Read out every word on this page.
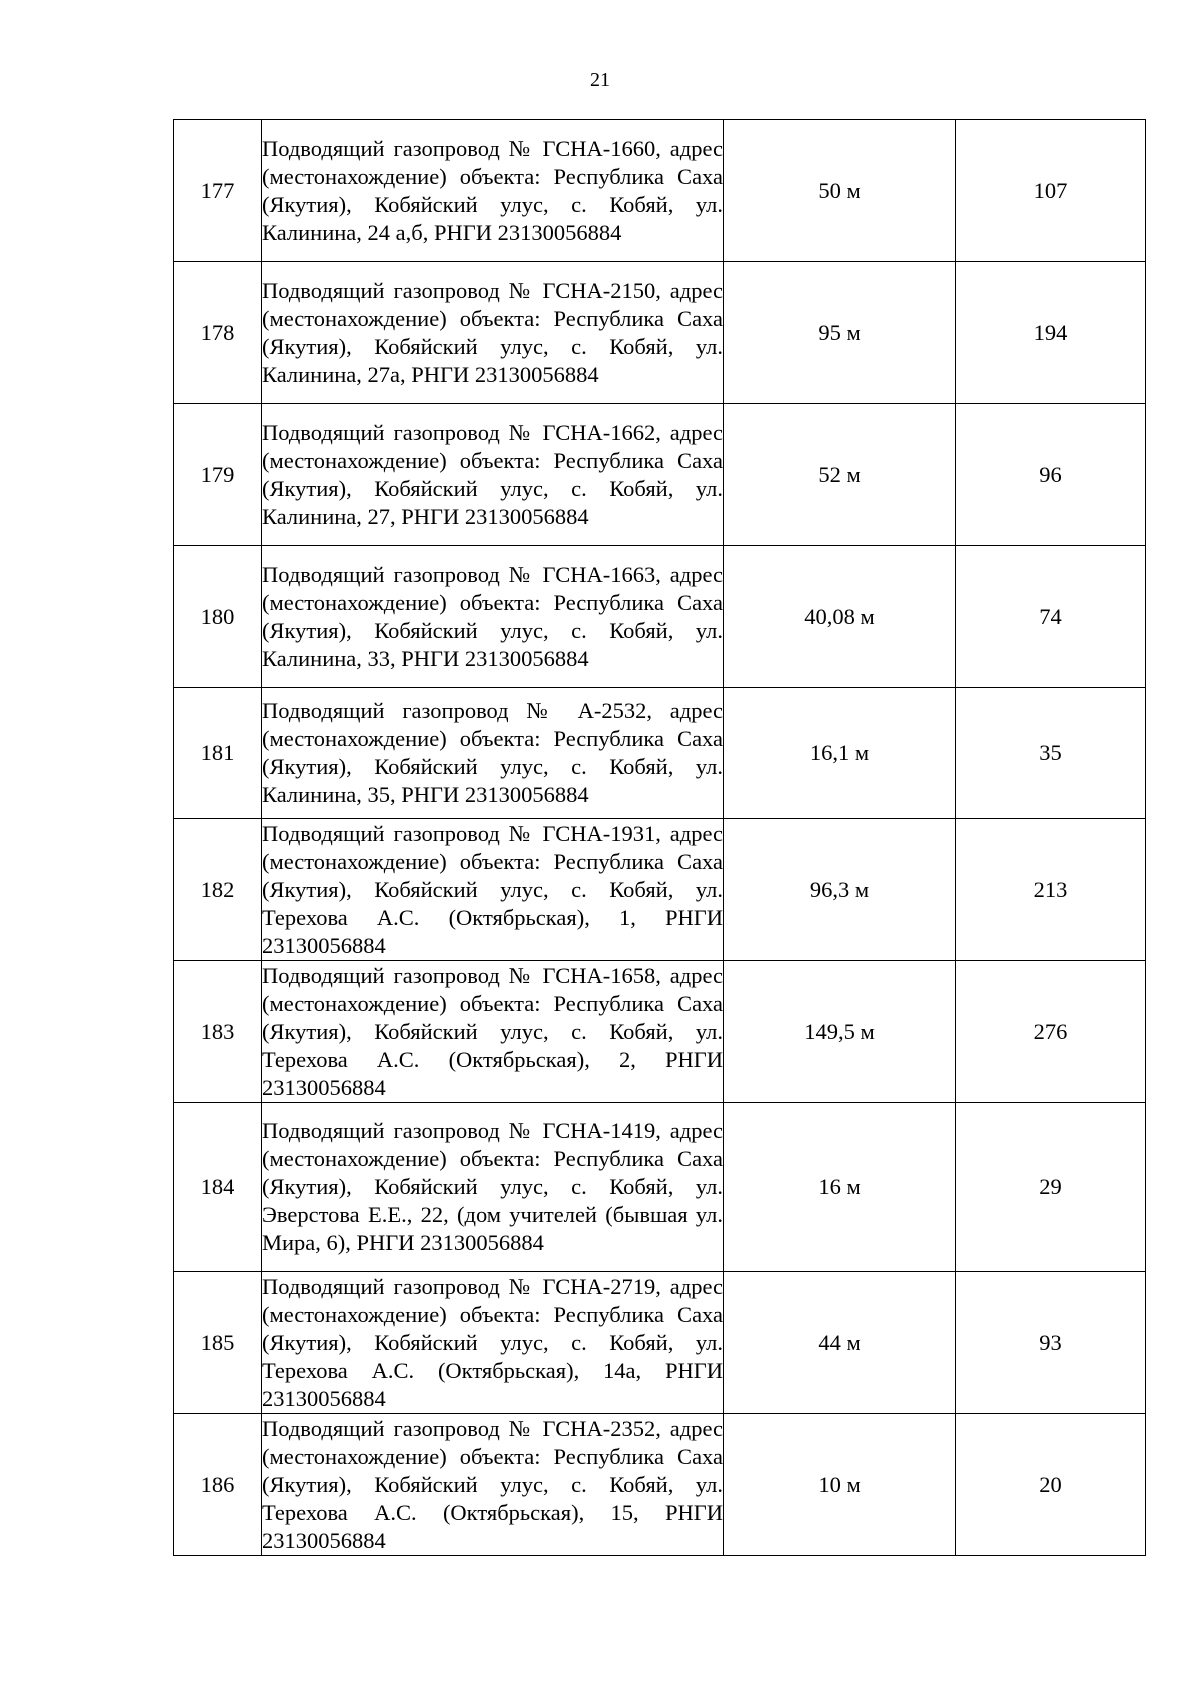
21
177	Подводящий газопровод № ГСНА-1660, адрес (местонахождение) объекта: Республика Саха (Якутия), Кобяйский улус, с. Кобяй, ул. Калинина, 24 а,б, РНГИ 23130056884	50 м	107
178	Подводящий газопровод № ГСНА-2150, адрес (местонахождение) объекта: Республика Саха (Якутия), Кобяйский улус, с. Кобяй, ул. Калинина, 27а, РНГИ 23130056884	95 м	194
179	Подводящий газопровод № ГСНА-1662, адрес (местонахождение) объекта: Республика Саха (Якутия), Кобяйский улус, с. Кобяй, ул. Калинина, 27, РНГИ 23130056884	52 м	96
180	Подводящий газопровод № ГСНА-1663, адрес (местонахождение) объекта: Республика Саха (Якутия), Кобяйский улус, с. Кобяй, ул. Калинина, 33, РНГИ 23130056884	40,08 м	74
181	Подводящий газопровод № А-2532, адрес (местонахождение) объекта: Республика Саха (Якутия), Кобяйский улус, с. Кобяй, ул. Калинина, 35, РНГИ 23130056884	16,1 м	35
182	Подводящий газопровод № ГСНА-1931, адрес (местонахождение) объекта: Республика Саха (Якутия), Кобяйский улус, с. Кобяй, ул. Терехова А.С. (Октябрьская), 1, РНГИ 23130056884	96,3 м	213
183	Подводящий газопровод № ГСНА-1658, адрес (местонахождение) объекта: Республика Саха (Якутия), Кобяйский улус, с. Кобяй, ул. Терехова А.С. (Октябрьская), 2, РНГИ 23130056884	149,5 м	276
184	Подводящий газопровод № ГСНА-1419, адрес (местонахождение) объекта: Республика Саха (Якутия), Кобяйский улус, с. Кобяй, ул. Эверстова Е.Е., 22, (дом учителей (бывшая ул. Мира, 6), РНГИ 23130056884	16 м	29
185	Подводящий газопровод № ГСНА-2719, адрес (местонахождение) объекта: Республика Саха (Якутия), Кобяйский улус, с. Кобяй, ул. Терехова А.С. (Октябрьская), 14а, РНГИ 23130056884	44 м	93
186	Подводящий газопровод № ГСНА-2352, адрес (местонахождение) объекта: Республика Саха (Якутия), Кобяйский улус, с. Кобяй, ул. Терехова А.С. (Октябрьская), 15, РНГИ 23130056884	10 м	20
